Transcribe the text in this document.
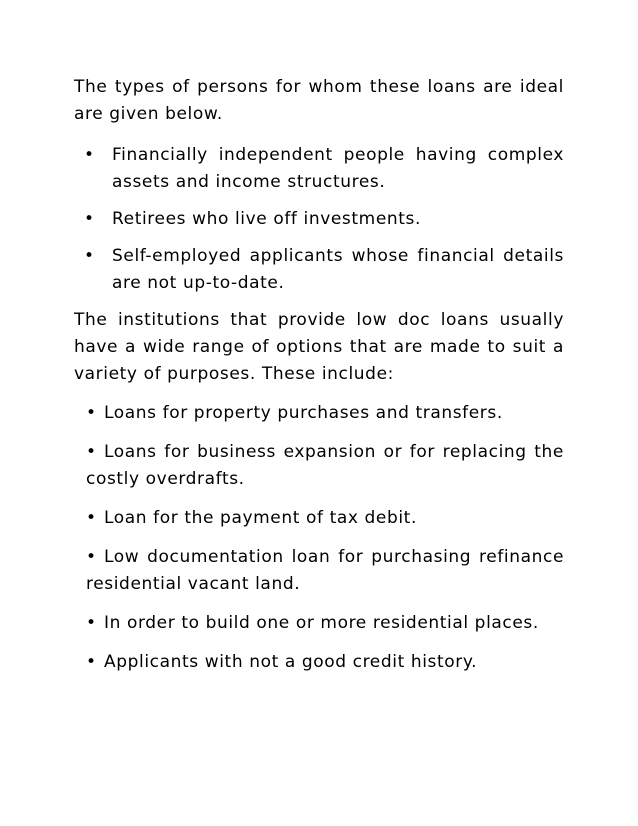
The types of persons for whom these loans are ideal are given below.

• Financially independent people having complex assets and income structures.
• Retirees who live off investments.
• Self-employed applicants whose financial details are not up-to-date.

The institutions that provide low doc loans usually have a wide range of options that are made to suit a variety of purposes. These include:

• Loans for property purchases and transfers.
• Loans for business expansion or for replacing the costly overdrafts.
• Loan for the payment of tax debit.
• Low documentation loan for purchasing refinance residential vacant land.
• In order to build one or more residential places.
• Applicants with not a good credit history.
